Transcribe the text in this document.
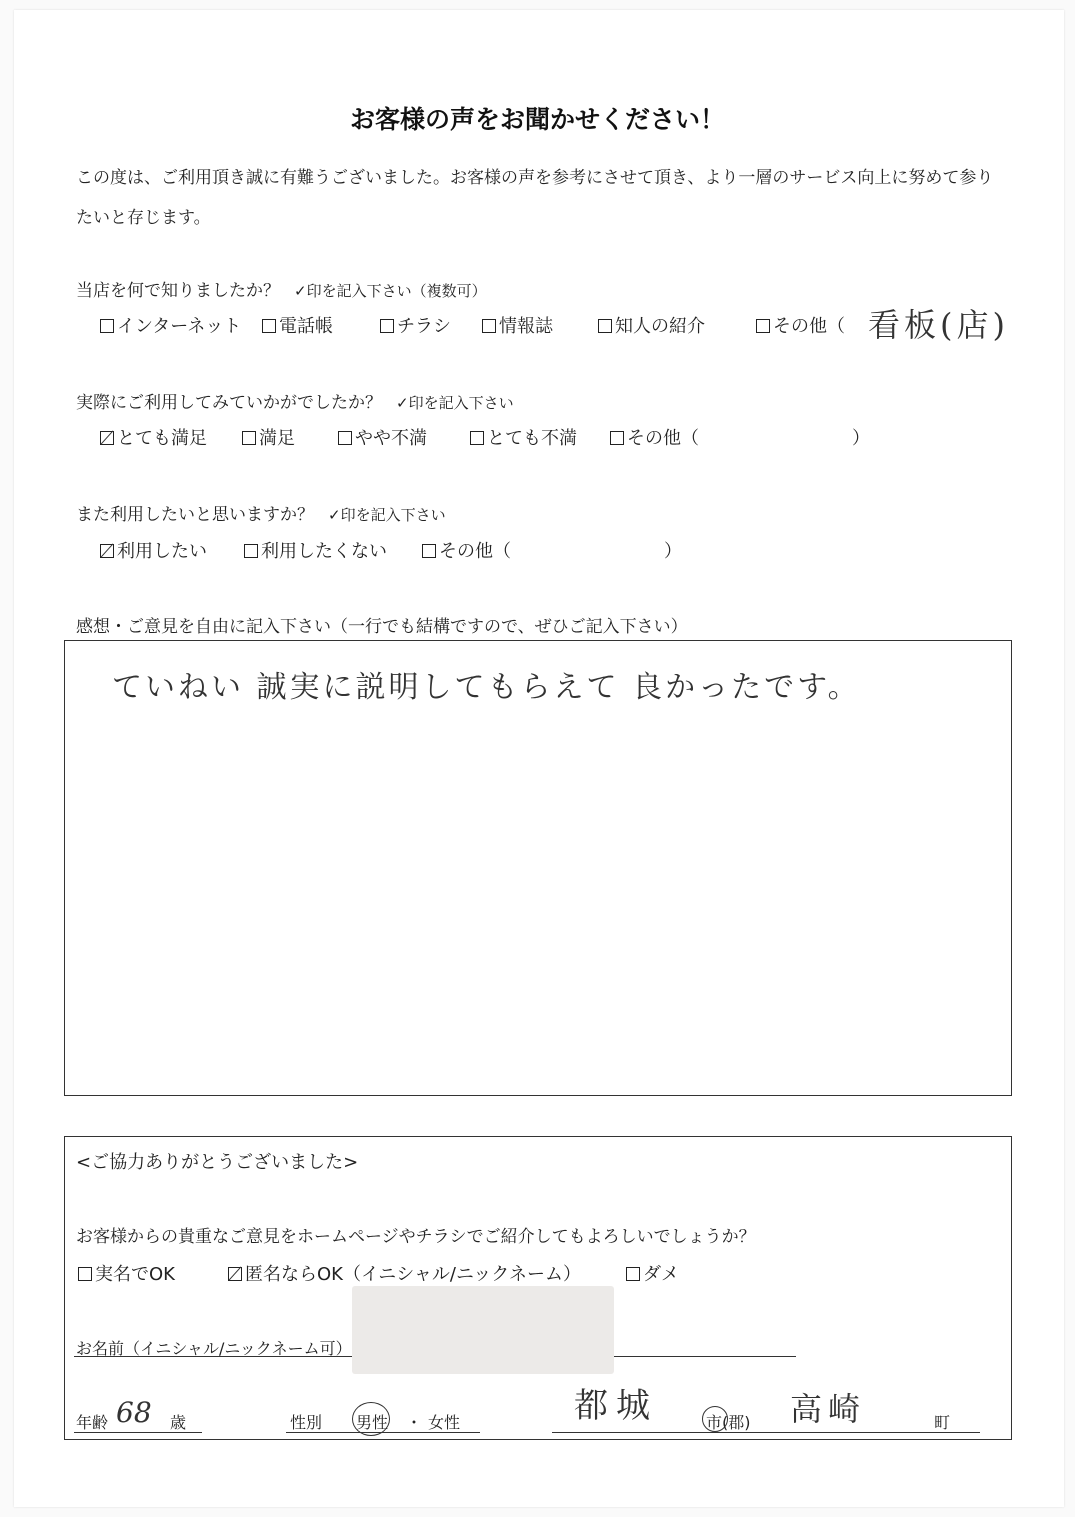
お客様の声をお聞かせください！
この度は、ご利用頂き誠に有難うございました。お客様の声を参考にさせて頂き、より一層のサービス向上に努めて参りたいと存じます。
当店を何で知りましたか？ ✓印を記入下さい（複数可）
インターネット	電話帳	チラシ	情報誌	知人の紹介	その他（ 看板(店)
実際にご利用してみていかがでしたか？ ✓印を記入下さい
とても満足	満足	やや不満	とても不満	その他（	）
また利用したいと思いますか？ ✓印を記入下さい
利用したい	利用したくない	その他（	）
感想・ご意見を自由に記入下さい（一行でも結構ですので、ぜひご記入下さい）
ていねい 誠実に説明してもらえて 良かったです。
<ご協力ありがとうございました>
お客様からの貴重なご意見をホームページやチラシでご紹介してもよろしいでしょうか？
実名でOK	匿名ならOK（イニシャル/ニックネーム）	ダメ
お名前（イニシャル/ニックネーム可）
年齢 68 歳	性別 男性 ・ 女性	都城	市(郡) 高崎	町
